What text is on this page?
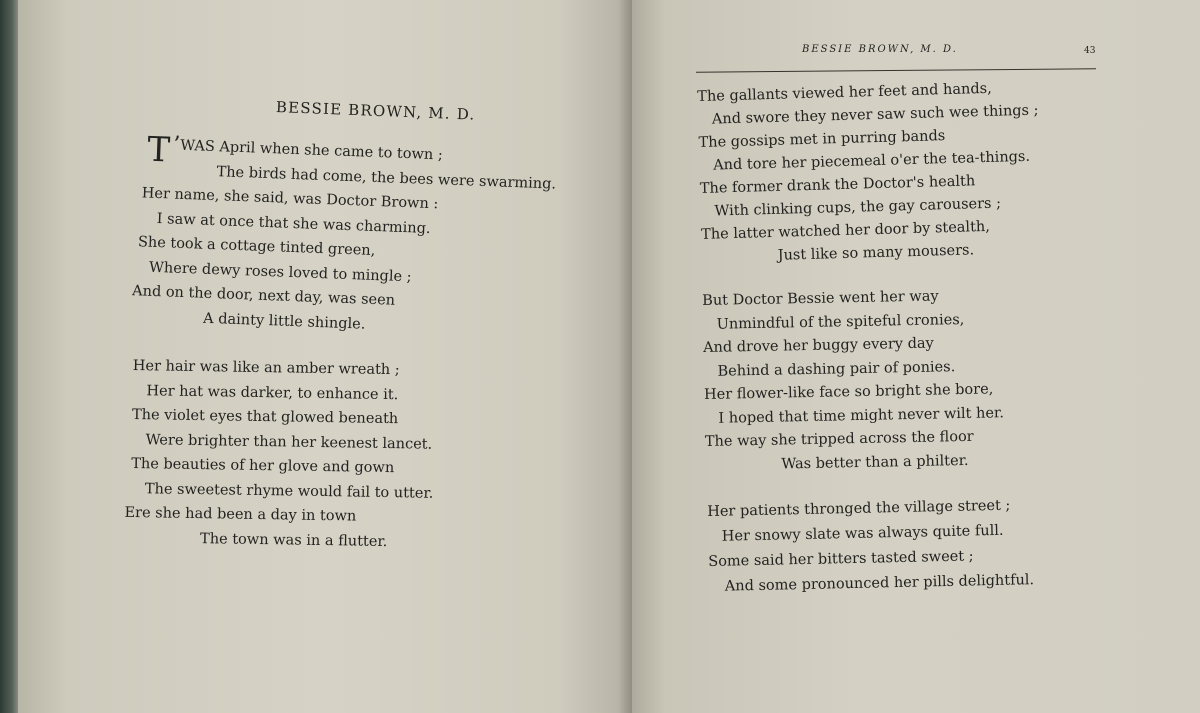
BESSIE BROWN, M. D.
’
T WAS April when she came to town ;
The birds had come, the bees were swarming.
Her name, she said, was Doctor Brown :
I saw at once that she was charming.
She took a cottage tinted green,
Where dewy roses loved to mingle ;
And on the door, next day, was seen
A dainty little shingle.
Her hair was like an amber wreath ;
Her hat was darker, to enhance it.
The violet eyes that glowed beneath
Were brighter than her keenest lancet.
The beauties of her glove and gown
The sweetest rhyme would fail to utter.
Ere she had been a day in town
The town was in a flutter.
BESSIE BROWN, M. D.	43
The gallants viewed her feet and hands,
And swore they never saw such wee things ;
The gossips met in purring bands
And tore her piecemeal o'er the tea-things.
The former drank the Doctor's health
With clinking cups, the gay carousers ;
The latter watched her door by stealth,
Just like so many mousers.
But Doctor Bessie went her way
Unmindful of the spiteful cronies,
And drove her buggy every day
Behind a dashing pair of ponies.
Her flower-like face so bright she bore,
I hoped that time might never wilt her.
The way she tripped across the floor
Was better than a philter.
Her patients thronged the village street ;
Her snowy slate was always quite full.
Some said her bitters tasted sweet ;
And some pronounced her pills delightful.
